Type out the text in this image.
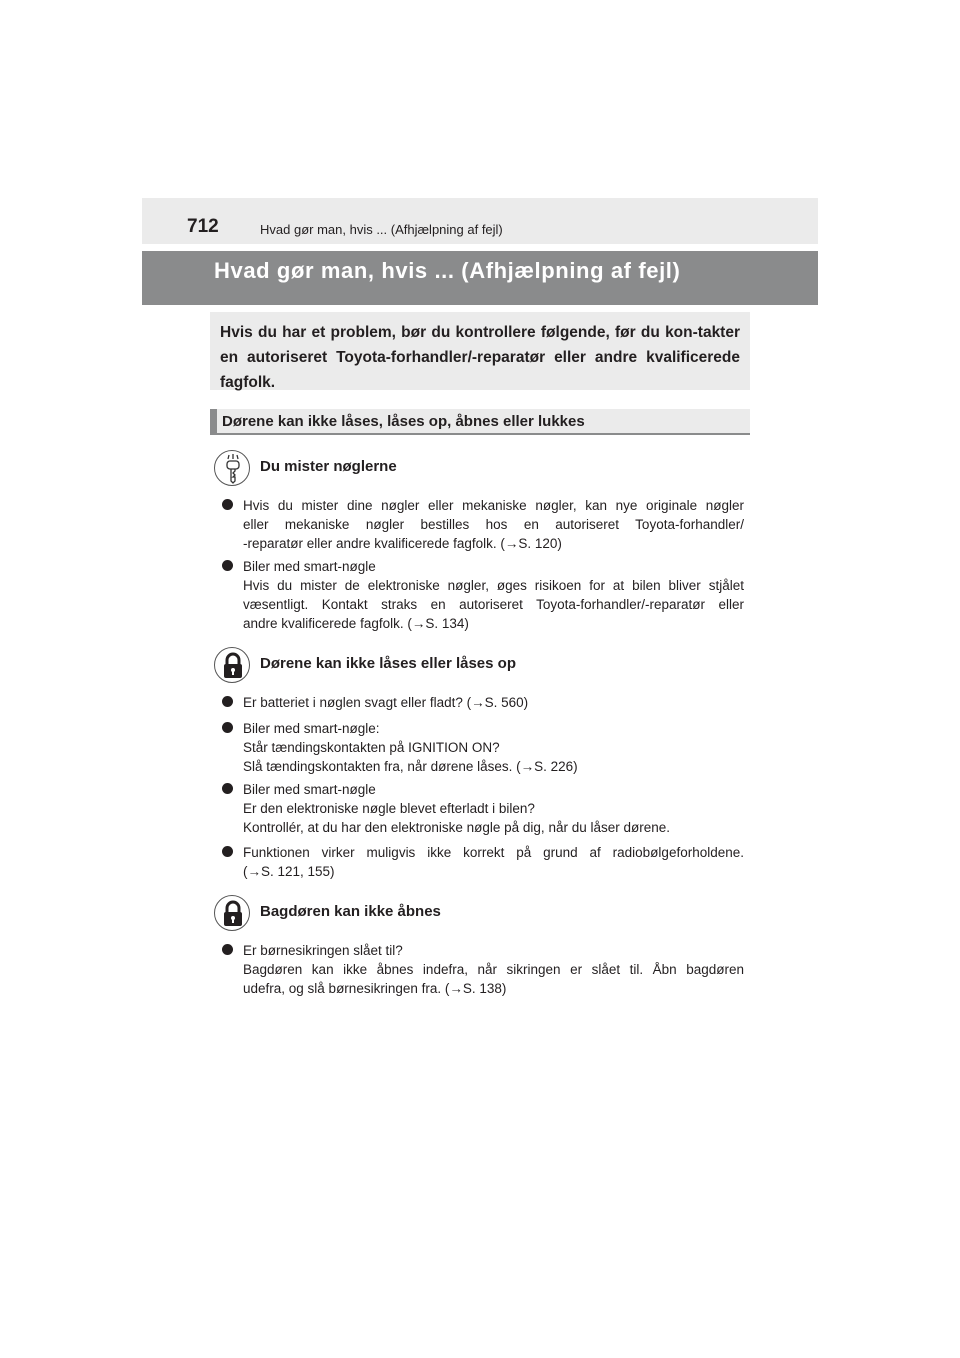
712	Hvad gør man, hvis ... (Afhjælpning af fejl)
Hvad gør man, hvis ... (Afhjælpning af fejl)
Hvis du har et problem, bør du kontrollere følgende, før du kon-takter en autoriseret Toyota-forhandler/-reparatør eller andre kvalificerede fagfolk.
Dørene kan ikke låses, låses op, åbnes eller lukkes
Du mister nøglerne
Hvis du mister dine nøgler eller mekaniske nøgler, kan nye originale nøgler
eller mekaniske nøgler bestilles hos en autoriseret Toyota-forhandler/
-reparatør eller andre kvalificerede fagfolk. (→S. 120)
Biler med smart-nøgle
Hvis du mister de elektroniske nøgler, øges risikoen for at bilen bliver stjålet
væsentligt. Kontakt straks en autoriseret Toyota-forhandler/-reparatør eller
andre kvalificerede fagfolk. (→S. 134)
Dørene kan ikke låses eller låses op
Er batteriet i nøglen svagt eller fladt? (→S. 560)
Biler med smart-nøgle:
Står tændingskontakten på IGNITION ON?
Slå tændingskontakten fra, når dørene låses. (→S. 226)
Biler med smart-nøgle
Er den elektroniske nøgle blevet efterladt i bilen?
Kontrollér, at du har den elektroniske nøgle på dig, når du låser dørene.
Funktionen virker muligvis ikke korrekt på grund af radiobølgeforholdene.
(→S. 121, 155)
Bagdøren kan ikke åbnes
Er børnesikringen slået til?
Bagdøren kan ikke åbnes indefra, når sikringen er slået til. Åbn bagdøren
udefra, og slå børnesikringen fra. (→S. 138)
